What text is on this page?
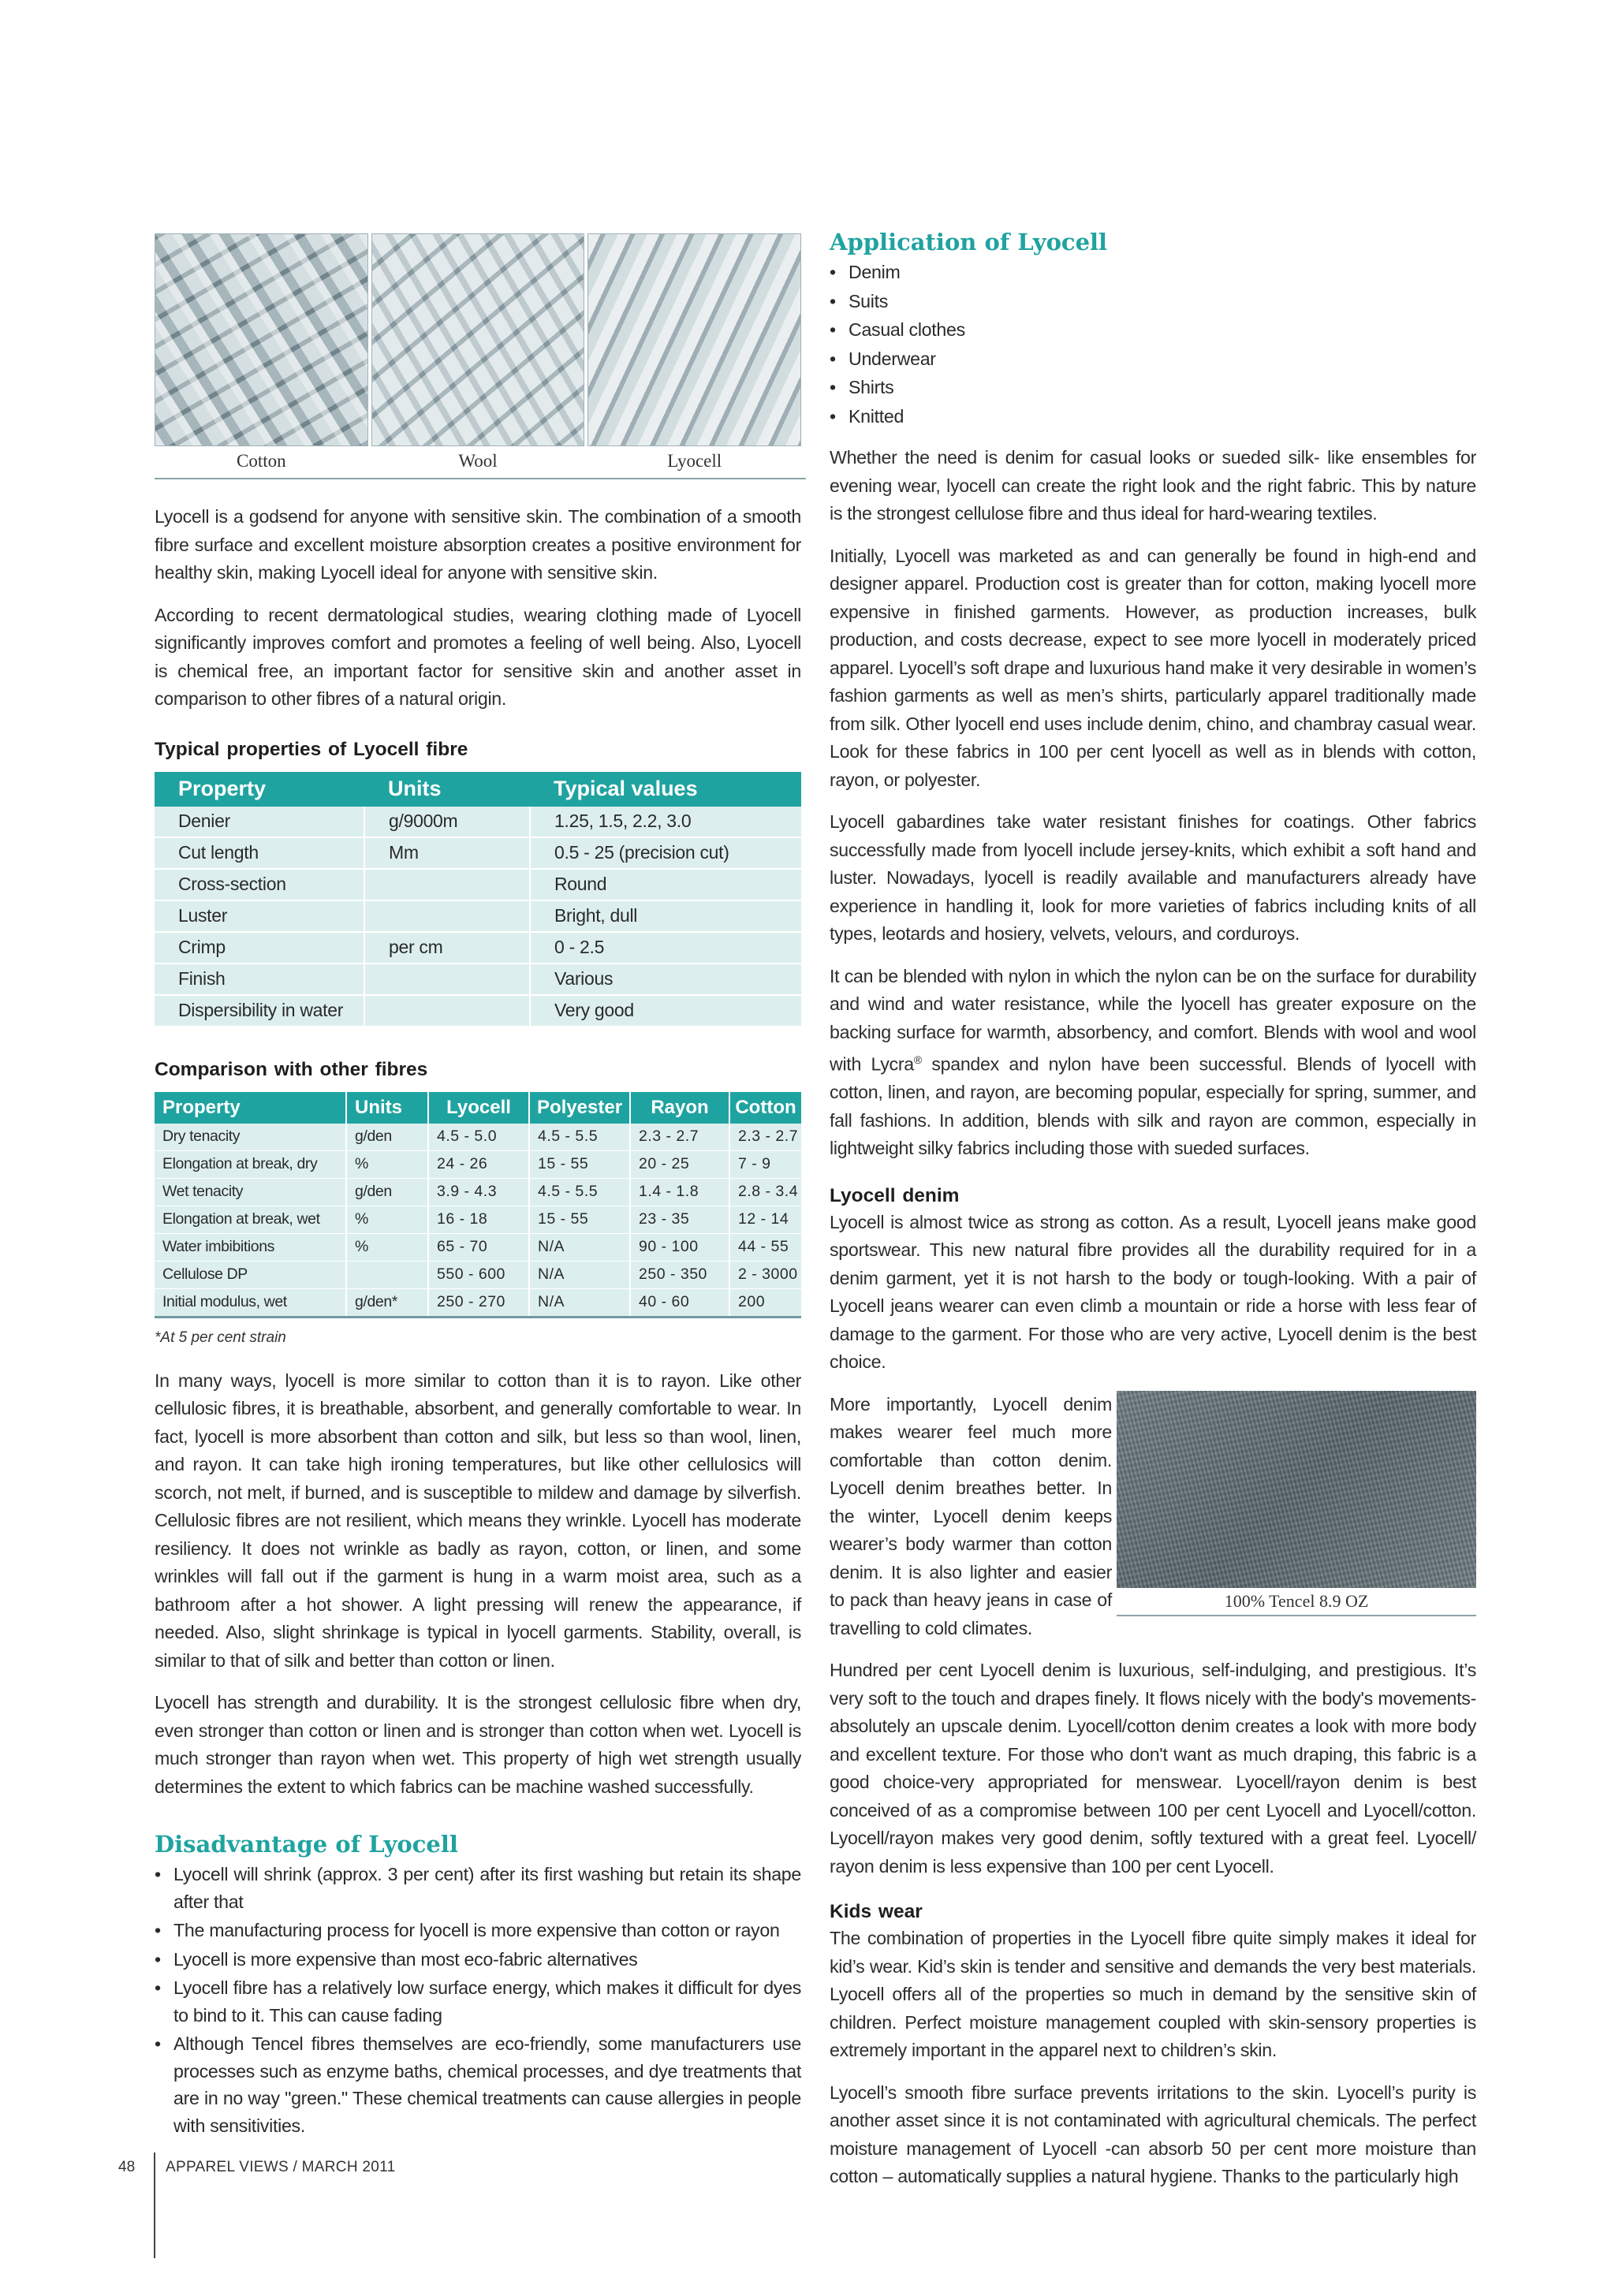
Cotton	Wool	Lyocell

Lyocell is a godsend for anyone with sensitive skin. The combination of a smooth fibre surface and excellent moisture absorption creates a positive environment for healthy skin, making Lyocell ideal for anyone with sensitive skin.

According to recent dermatological studies, wearing clothing made of Lyocell significantly improves comfort and promotes a feeling of well being. Also, Lyocell is chemical free, an important factor for sensitive skin and another asset in comparison to other fibres of a natural origin.

Typical properties of Lyocell fibre
Property	Units	Typical values
Denier	g/9000m	1.25, 1.5, 2.2, 3.0
Cut length	Mm	0.5 - 25 (precision cut)
Cross-section		Round
Luster		Bright, dull
Crimp	per cm	0 - 2.5
Finish		Various
Dispersibility in water		Very good
Comparison with other fibres
Property	Units	Lyocell	Polyester	Rayon	Cotton
Dry tenacity	g/den	4.5 - 5.0	4.5 - 5.5	2.3 - 2.7	2.3 - 2.7
Elongation at break, dry	%	24 - 26	15 - 55	20 - 25	7 - 9
Wet tenacity	g/den	3.9 - 4.3	4.5 - 5.5	1.4 - 1.8	2.8 - 3.4
Elongation at break, wet	%	16 - 18	15 - 55	23 - 35	12 - 14
Water imbibitions	%	65 - 70	N/A	90 - 100	44 - 55
Cellulose DP		550 - 600	N/A	250 - 350	2 - 3000
Initial modulus, wet	g/den*	250 - 270	N/A	40 - 60	200
*At 5 per cent strain

In many ways, lyocell is more similar to cotton than it is to rayon. Like other cellulosic fibres, it is breathable, absorbent, and generally comfortable to wear. In fact, lyocell is more absorbent than cotton and silk, but less so than wool, linen, and rayon. It can take high ironing temperatures, but like other cellulosics will scorch, not melt, if burned, and is susceptible to mildew and damage by silverfish. Cellulosic fibres are not resilient, which means they wrinkle. Lyocell has moderate resiliency. It does not wrinkle as badly as rayon, cotton, or linen, and some wrinkles will fall out if the garment is hung in a warm moist area, such as a bathroom after a hot shower. A light pressing will renew the appearance, if needed. Also, slight shrinkage is typical in lyocell garments. Stability, overall, is similar to that of silk and better than cotton or linen.

Lyocell has strength and durability. It is the strongest cellulosic fibre when dry, even stronger than cotton or linen and is stronger than cotton when wet. Lyocell is much stronger than rayon when wet. This property of high wet strength usually determines the extent to which fabrics can be machine washed successfully.

Disadvantage of Lyocell
• Lyocell will shrink (approx. 3 per cent) after its first washing but retain its shape after that
• The manufacturing process for lyocell is more expensive than cotton or rayon
• Lyocell is more expensive than most eco-fabric alternatives
• Lyocell fibre has a relatively low surface energy, which makes it difficult for dyes to bind to it. This can cause fading
• Although Tencel fibres themselves are eco-friendly, some manufacturers use processes such as enzyme baths, chemical processes, and dye treatments that are in no way "green." These chemical treatments can cause allergies in people with sensitivities.
Application of Lyocell
• Denim
• Suits
• Casual clothes
• Underwear
• Shirts
• Knitted

Whether the need is denim for casual looks or sueded silk- like ensembles for evening wear, lyocell can create the right look and the right fabric. This by nature is the strongest cellulose fibre and thus ideal for hard-wearing textiles.

Initially, Lyocell was marketed as and can generally be found in high-end and designer apparel. Production cost is greater than for cotton, making lyocell more expensive in finished garments. However, as production increases, bulk production, and costs decrease, expect to see more lyocell in moderately priced apparel. Lyocell’s soft drape and luxurious hand make it very desirable in women’s fashion garments as well as men’s shirts, particularly apparel traditionally made from silk. Other lyocell end uses include denim, chino, and chambray casual wear. Look for these fabrics in 100 per cent lyocell as well as in blends with cotton, rayon, or polyester.

Lyocell gabardines take water resistant finishes for coatings. Other fabrics successfully made from lyocell include jersey-knits, which exhibit a soft hand and luster. Nowadays, lyocell is readily available and manufacturers already have experience in handling it, look for more varieties of fabrics including knits of all types, leotards and hosiery, velvets, velours, and corduroys.

It can be blended with nylon in which the nylon can be on the surface for durability and wind and water resistance, while the lyocell has greater exposure on the backing surface for warmth, absorbency, and comfort. Blends with wool and wool with Lycra® spandex and nylon have been successful. Blends of lyocell with cotton, linen, and rayon, are becoming popular, especially for spring, summer, and fall fashions. In addition, blends with silk and rayon are common, especially in lightweight silky fabrics including those with sueded surfaces.

Lyocell denim

Lyocell is almost twice as strong as cotton. As a result, Lyocell jeans make good sportswear. This new natural fibre provides all the durability required for in a denim garment, yet it is not harsh to the body or tough-looking. With a pair of Lyocell jeans wearer can even climb a mountain or ride a horse with less fear of damage to the garment. For those who are very active, Lyocell denim is the best choice.

More importantly, Lyocell denim makes wearer feel much more comfortable than cotton denim. Lyocell denim breathes better. In the winter, Lyocell denim keeps wearer’s body warmer than cotton denim. It is also lighter and easier to pack than heavy jeans in case of travelling to cold climates.

100% Tencel 8.9 OZ

Hundred per cent Lyocell denim is luxurious, self-indulging, and prestigious. It’s very soft to the touch and drapes finely. It flows nicely with the body's movements-absolutely an upscale denim. Lyocell/cotton denim creates a look with more body and excellent texture. For those who don't want as much draping, this fabric is a good choice-very appropriated for menswear. Lyocell/rayon denim is best conceived of as a compromise between 100 per cent Lyocell and Lyocell/cotton. Lyocell/rayon makes very good denim, softly textured with a great feel. Lyocell/ rayon denim is less expensive than 100 per cent Lyocell.

Kids wear

The combination of properties in the Lyocell fibre quite simply makes it ideal for kid’s wear. Kid’s skin is tender and sensitive and demands the very best materials. Lyocell offers all of the properties so much in demand by the sensitive skin of children. Perfect moisture management coupled with skin-sensory properties is extremely important in the apparel next to children’s skin.

Lyocell’s smooth fibre surface prevents irritations to the skin. Lyocell’s purity is another asset since it is not contaminated with agricultural chemicals. The perfect moisture management of Lyocell -can absorb 50 per cent more moisture than cotton – automatically supplies a natural hygiene. Thanks to the particularly high

48 APPAREL VIEWS / MARCH 2011
